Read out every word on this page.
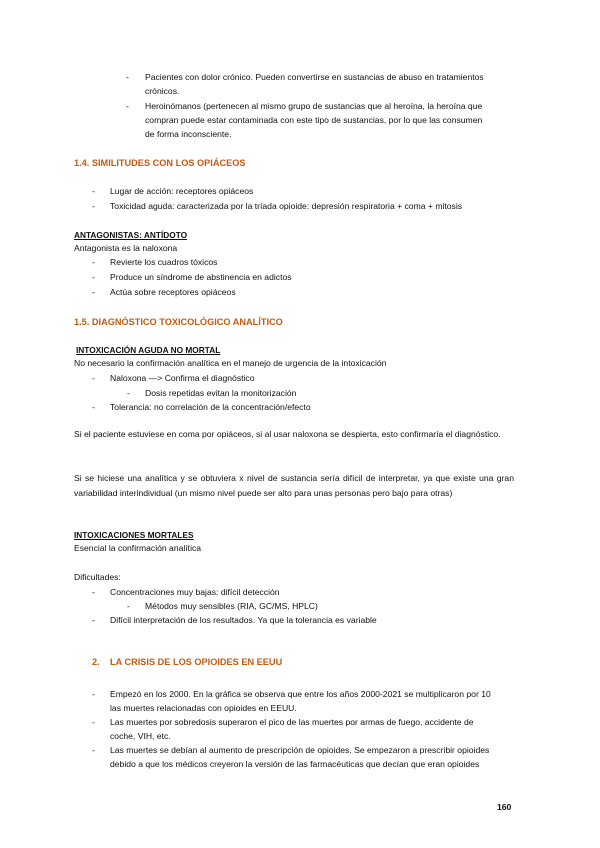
- Pacientes con dolor crónico. Pueden convertirse en sustancias de abuso en tratamientos
crónicos.
- Heroinómanos (pertenecen al mismo grupo de sustancias que al heroína, la heroína que
compran puede estar contaminada con este tipo de sustancias, por lo que las consumen
de forma inconsciente.
1.4. SIMILITUDES CON LOS OPIÁCEOS
- Lugar de acción: receptores opiáceos
- Toxicidad aguda: caracterizada por la tríada opioide: depresión respiratoria + coma + mitosis
ANTAGONISTAS: ANTÍDOTO
Antagonista es la naloxona
- Revierte los cuadros tóxicos
- Produce un síndrome de abstinencia en adictos
- Actúa sobre receptores opiáceos
1.5. DIAGNÓSTICO TOXICOLÓGICO ANALÍTICO
INTOXICACIÓN AGUDA NO MORTAL
No necesario la confirmación analítica en el manejo de urgencia de la intoxicación
- Naloxona —> Confirma el diagnóstico
- Dosis repetidas evitan la monitorización
- Tolerancia: no correlación de la concentración/efecto
Si el paciente estuviese en coma por opiáceos, si al usar naloxona se despierta, esto confirmaría el diagnóstico.
Si se hiciese una analítica y se obtuviera x nivel de sustancia sería difícil de interpretar, ya que existe una gran variabilidad interindividual (un mismo nivel puede ser alto para unas personas pero bajo para otras)
INTOXICACIONES MORTALES
Esencial la confirmación analítica
Dificultades:
- Concentraciones muy bajas: difícil detección
- Métodos muy sensibles (RIA, GC/MS, HPLC)
- Difícil interpretación de los resultados. Ya que la tolerancia es variable
2. LA CRISIS DE LOS OPIOIDES EN EEUU
- Empezó en los 2000. En la gráfica se observa que entre los años 2000-2021 se multiplicaron por 10
las muertes relacionadas con opioides en EEUU.
- Las muertes por sobredosis superaron el pico de las muertes por armas de fuego, accidente de
coche, VIH, etc.
- Las muertes se debían al aumento de prescripción de opioides. Se empezaron a prescribir opioides
debido a que los médicos creyeron la versión de las farmacéuticas que decían que eran opioides
160
